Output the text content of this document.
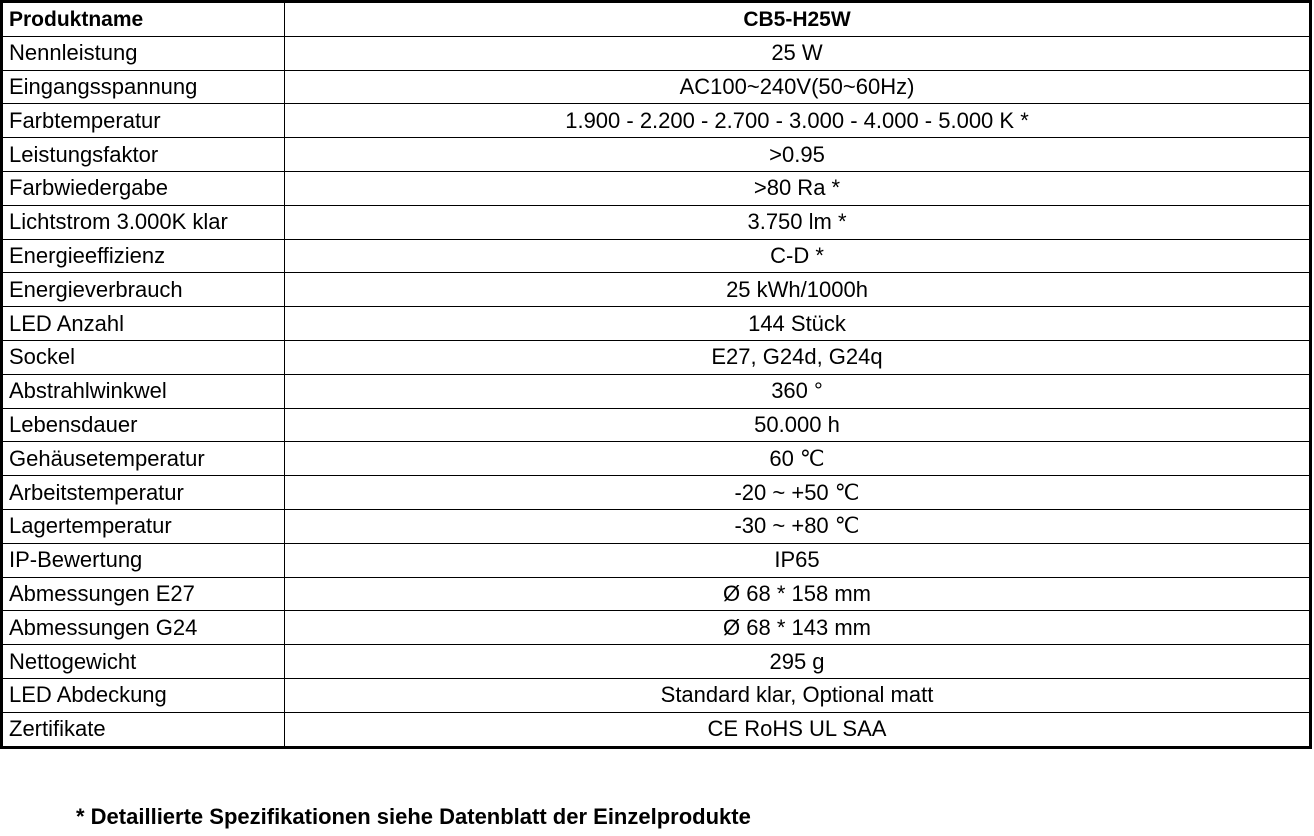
Produktname	CB5-H25W
Nennleistung	25 W
Eingangsspannung	AC100~240V(50~60Hz)
Farbtemperatur	1.900 - 2.200 - 2.700 - 3.000 - 4.000 - 5.000 K *
Leistungsfaktor	>0.95
Farbwiedergabe	>80 Ra *
Lichtstrom 3.000K klar	3.750 lm *
Energieeffizienz	C-D *
Energieverbrauch	25 kWh/1000h
LED Anzahl	144 Stück
Sockel	E27, G24d, G24q
Abstrahlwinkwel	360 °
Lebensdauer	50.000 h
Gehäusetemperatur	60 ℃
Arbeitstemperatur	-20 ~ +50 ℃
Lagertemperatur	-30 ~ +80 ℃
IP-Bewertung	IP65
Abmessungen E27	Ø 68 * 158 mm
Abmessungen G24	Ø 68 * 143 mm
Nettogewicht	295 g
LED Abdeckung	Standard klar, Optional matt
Zertifikate	CE RoHS UL SAA
* Detaillierte Spezifikationen siehe Datenblatt der Einzelprodukte
